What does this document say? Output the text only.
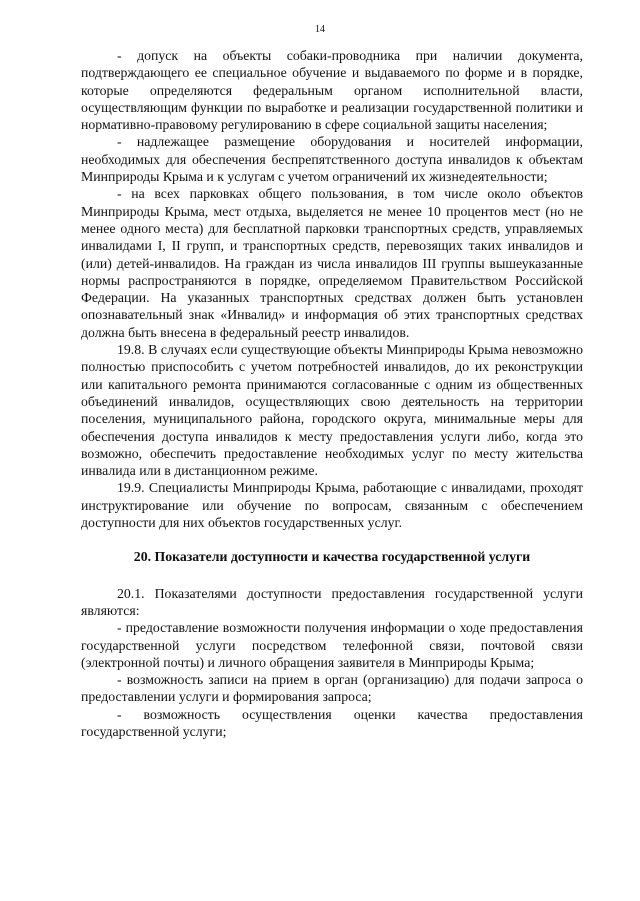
14

- допуск на объекты собаки-проводника при наличии документа, подтверждающего ее специальное обучение и выдаваемого по форме и в порядке, которые определяются федеральным органом исполнительной власти, осуществляющим функции по выработке и реализации государственной политики и нормативно-правовому регулированию в сфере социальной защиты населения;

- надлежащее размещение оборудования и носителей информации, необходимых для обеспечения беспрепятственного доступа инвалидов к объектам Минприроды Крыма и к услугам с учетом ограничений их жизнедеятельности;

- на всех парковках общего пользования, в том числе около объектов Минприроды Крыма, мест отдыха, выделяется не менее 10 процентов мест (но не менее одного места) для бесплатной парковки транспортных средств, управляемых инвалидами I, II групп, и транспортных средств, перевозящих таких инвалидов и (или) детей-инвалидов. На граждан из числа инвалидов III группы вышеуказанные нормы распространяются в порядке, определяемом Правительством Российской Федерации. На указанных транспортных средствах должен быть установлен опознавательный знак «Инвалид» и информация об этих транспортных средствах должна быть внесена в федеральный реестр инвалидов.

19.8. В случаях если существующие объекты Минприроды Крыма невозможно полностью приспособить с учетом потребностей инвалидов, до их реконструкции или капитального ремонта принимаются согласованные с одним из общественных объединений инвалидов, осуществляющих свою деятельность на территории поселения, муниципального района, городского округа, минимальные меры для обеспечения доступа инвалидов к месту предоставления услуги либо, когда это возможно, обеспечить предоставление необходимых услуг по месту жительства инвалида или в дистанционном режиме.

19.9. Специалисты Минприроды Крыма, работающие с инвалидами, проходят инструктирование или обучение по вопросам, связанным с обеспечением доступности для них объектов государственных услуг.

20. Показатели доступности и качества государственной услуги

20.1. Показателями доступности предоставления государственной услуги являются:

- предоставление возможности получения информации о ходе предоставления государственной услуги посредством телефонной связи, почтовой связи (электронной почты) и личного обращения заявителя в Минприроды Крыма;

- возможность записи на прием в орган (организацию) для подачи запроса о предоставлении услуги и формирования запроса;

- возможность осуществления оценки качества предоставления государственной услуги;
